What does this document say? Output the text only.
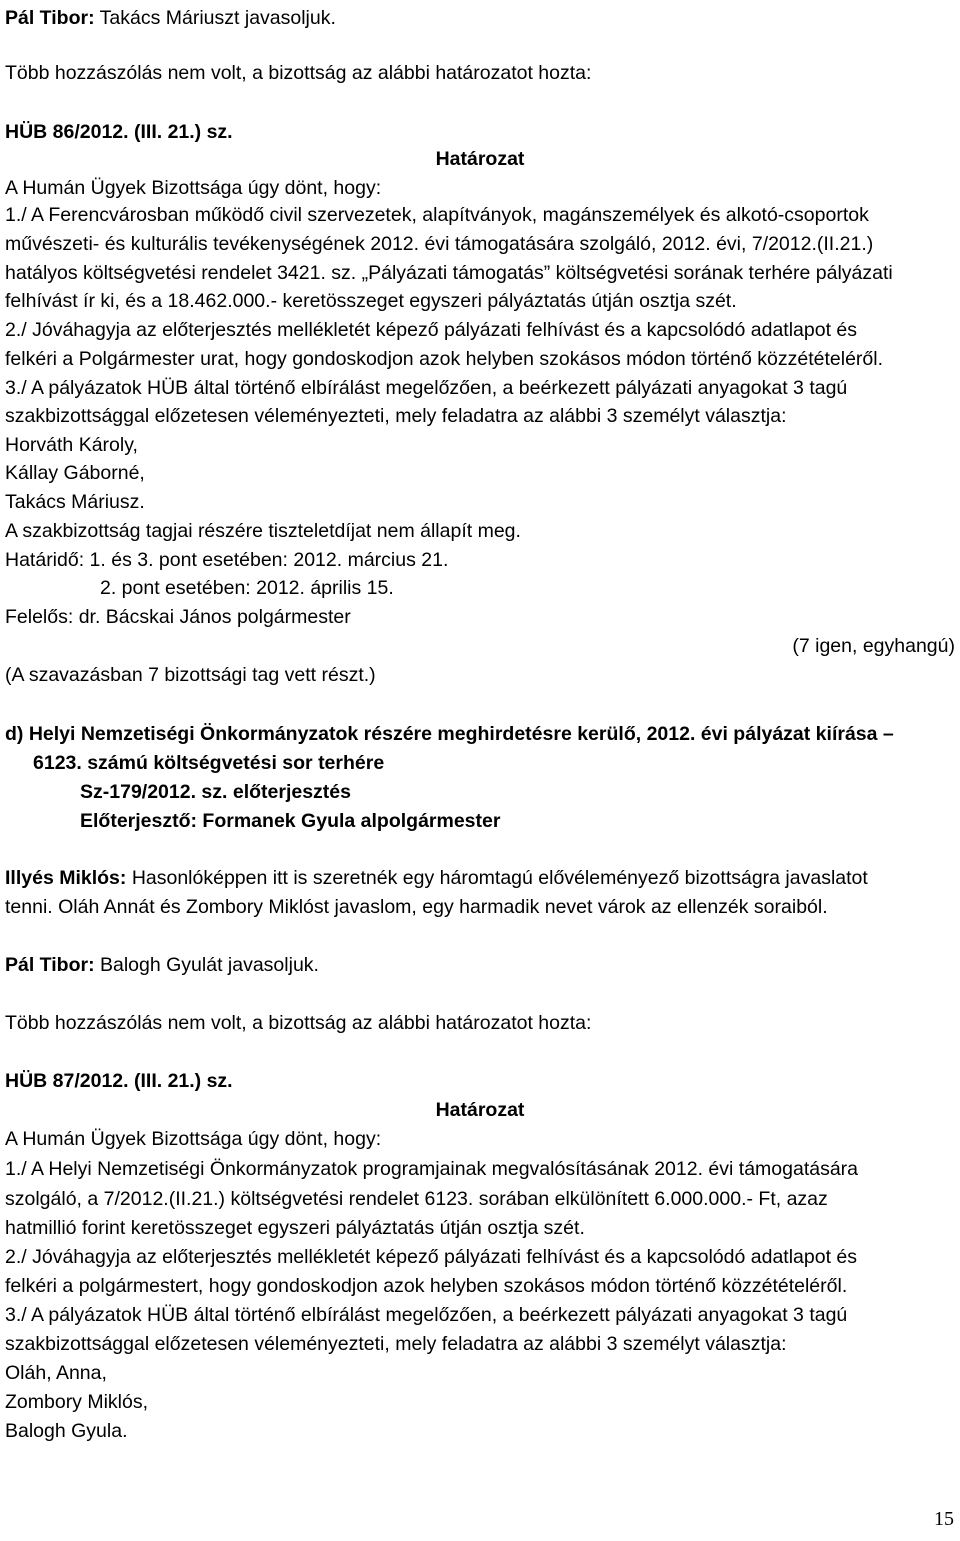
Pál Tibor: Takács Máriuszt javasoljuk.
Több hozzászólás nem volt, a bizottság az alábbi határozatot hozta:
HÜB 86/2012. (III. 21.) sz.
Határozat
A Humán Ügyek Bizottsága úgy dönt, hogy:
1./ A Ferencvárosban működő civil szervezetek, alapítványok, magánszemélyek és alkotó-csoportok
művészeti- és kulturális tevékenységének 2012. évi támogatására szolgáló, 2012. évi, 7/2012.(II.21.)
hatályos költségvetési rendelet 3421. sz. „Pályázati támogatás” költségvetési sorának terhére pályázati
felhívást ír ki, és a 18.462.000.- keretösszeget egyszeri pályáztatás útján osztja szét.
2./ Jóváhagyja az előterjesztés mellékletét képező pályázati felhívást és a kapcsolódó adatlapot és
felkéri a Polgármester urat, hogy gondoskodjon azok helyben szokásos módon történő közzétételéről.
3./ A pályázatok HÜB által történő elbírálást megelőzően, a beérkezett pályázati anyagokat 3 tagú
szakbizottsággal előzetesen véleményezteti, mely feladatra az alábbi 3 személyt választja:
Horváth Károly,
Kállay Gáborné,
Takács Máriusz.
A szakbizottság tagjai részére tiszteletdíjat nem állapít meg.
Határidő: 1. és 3. pont esetében: 2012. március 21.
2. pont esetében: 2012. április 15.
Felelős: dr. Bácskai János polgármester
(7 igen, egyhangú)
(A szavazásban 7 bizottsági tag vett részt.)
d) Helyi Nemzetiségi Önkormányzatok részére meghirdetésre kerülő, 2012. évi pályázat kiírása –
6123. számú költségvetési sor terhére
Sz-179/2012. sz. előterjesztés
Előterjesztő: Formanek Gyula alpolgármester
Illyés Miklós: Hasonlóképpen itt is szeretnék egy háromtagú elővéleményező bizottságra javaslatot
tenni. Oláh Annát és Zombory Miklóst javaslom, egy harmadik nevet várok az ellenzék soraiból.
Pál Tibor: Balogh Gyulát javasoljuk.
Több hozzászólás nem volt, a bizottság az alábbi határozatot hozta:
HÜB 87/2012. (III. 21.) sz.
Határozat
A Humán Ügyek Bizottsága úgy dönt, hogy:
1./ A Helyi Nemzetiségi Önkormányzatok programjainak megvalósításának 2012. évi támogatására
szolgáló, a 7/2012.(II.21.) költségvetési rendelet 6123. sorában elkülönített 6.000.000.- Ft, azaz
hatmillió forint keretösszeget egyszeri pályáztatás útján osztja szét.
2./ Jóváhagyja az előterjesztés mellékletét képező pályázati felhívást és a kapcsolódó adatlapot és
felkéri a polgármestert, hogy gondoskodjon azok helyben szokásos módon történő közzétételéről.
3./ A pályázatok HÜB által történő elbírálást megelőzően, a beérkezett pályázati anyagokat 3 tagú
szakbizottsággal előzetesen véleményezteti, mely feladatra az alábbi 3 személyt választja:
Oláh, Anna,
Zombory Miklós,
Balogh Gyula.
15
